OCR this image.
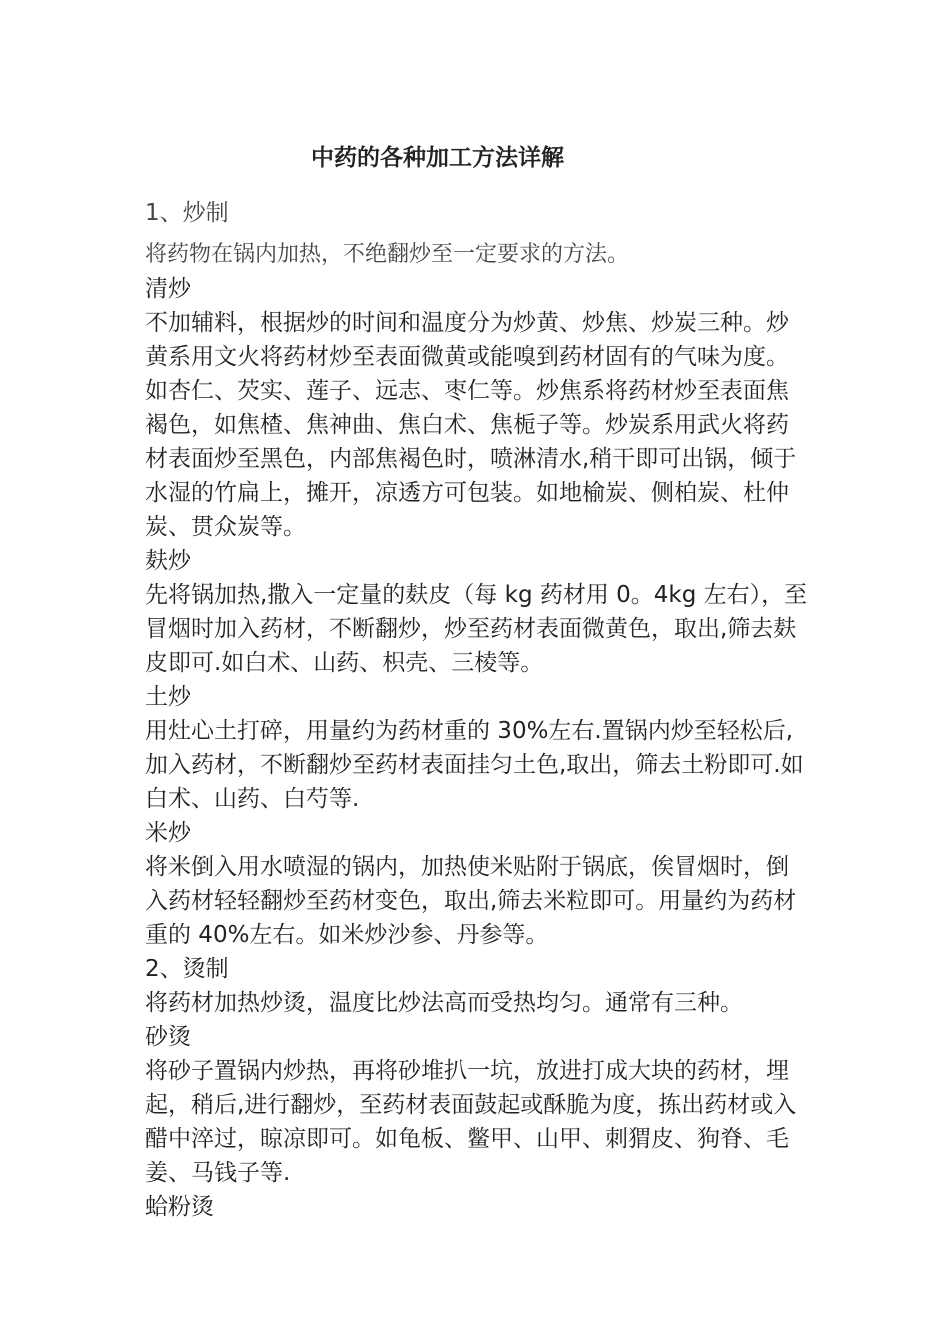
中药的各种加工方法详解

1、炒制

将药物在锅内加热，不绝翻炒至一定要求的方法。

清炒

不加辅料，根据炒的时间和温度分为炒黄、炒焦、炒炭三种。炒黄系用文火将药材炒至表面微黄或能嗅到药材固有的气味为度。如杏仁、芡实、莲子、远志、枣仁等。炒焦系将药材炒至表面焦褐色，如焦楂、焦神曲、焦白术、焦栀子等。炒炭系用武火将药材表面炒至黑色，内部焦褐色时，喷淋清水,稍干即可出锅，倾于水湿的竹扁上，摊开，凉透方可包装。如地榆炭、侧柏炭、杜仲炭、贯众炭等。

麸炒

先将锅加热,撒入一定量的麸皮（每 kg 药材用 0。4kg 左右），至冒烟时加入药材，不断翻炒，炒至药材表面微黄色，取出,筛去麸皮即可.如白术、山药、枳壳、三棱等。

土炒

用灶心土打碎，用量约为药材重的 30%左右.置锅内炒至轻松后,加入药材，不断翻炒至药材表面挂匀土色,取出，筛去土粉即可.如白术、山药、白芍等.

米炒

将米倒入用水喷湿的锅内，加热使米贴附于锅底，俟冒烟时，倒入药材轻轻翻炒至药材变色，取出,筛去米粒即可。用量约为药材重的 40%左右。如米炒沙参、丹参等。

2、烫制

将药材加热炒烫，温度比炒法高而受热均匀。通常有三种。

砂烫

将砂子置锅内炒热，再将砂堆扒一坑，放进打成大块的药材，埋起，稍后,进行翻炒，至药材表面鼓起或酥脆为度，拣出药材或入醋中淬过，晾凉即可。如龟板、鳖甲、山甲、刺猬皮、狗脊、毛姜、马钱子等.

蛤粉烫
